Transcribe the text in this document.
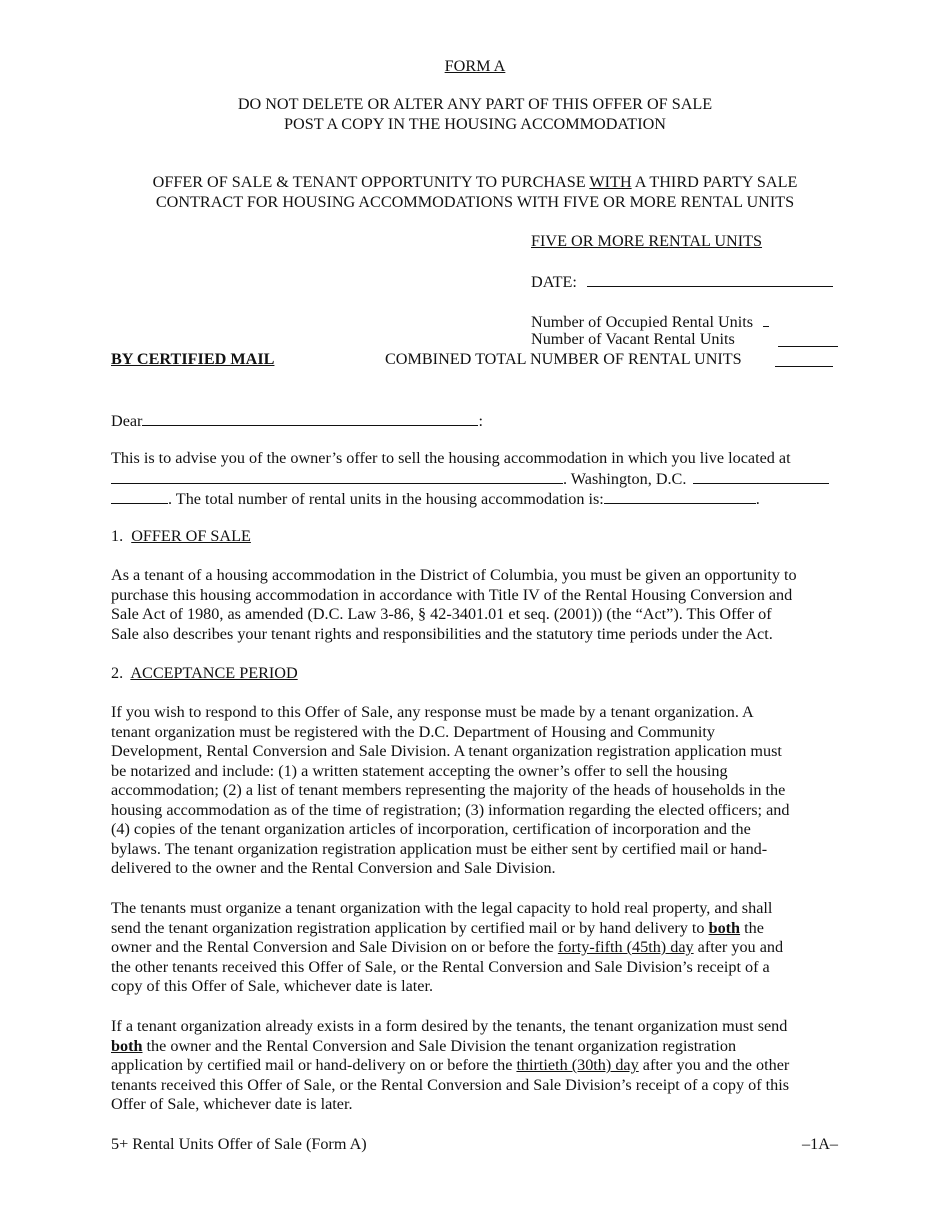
FORM A
DO NOT DELETE OR ALTER ANY PART OF THIS OFFER OF SALE
POST A COPY IN THE HOUSING ACCOMMODATION
OFFER OF SALE & TENANT OPPORTUNITY TO PURCHASE WITH A THIRD PARTY SALE
CONTRACT FOR HOUSING ACCOMMODATIONS WITH FIVE OR MORE RENTAL UNITS
FIVE OR MORE RENTAL UNITS
DATE:
Number of Occupied Rental Units
Number of Vacant Rental Units
BY CERTIFIED MAIL	COMBINED TOTAL NUMBER OF RENTAL UNITS
Dear	:
This is to advise you of the owner’s offer to sell the housing accommodation in which you live located at
. Washington, D.C.
. The total number of rental units in the housing accommodation is:	.
1. OFFER OF SALE
As a tenant of a housing accommodation in the District of Columbia, you must be given an opportunity to
purchase this housing accommodation in accordance with Title IV of the Rental Housing Conversion and
Sale Act of 1980, as amended (D.C. Law 3-86, § 42-3401.01 et seq. (2001)) (the “Act”). This Offer of
Sale also describes your tenant rights and responsibilities and the statutory time periods under the Act.
2. ACCEPTANCE PERIOD
If you wish to respond to this Offer of Sale, any response must be made by a tenant organization. A
tenant organization must be registered with the D.C. Department of Housing and Community
Development, Rental Conversion and Sale Division. A tenant organization registration application must
be notarized and include: (1) a written statement accepting the owner’s offer to sell the housing
accommodation; (2) a list of tenant members representing the majority of the heads of households in the
housing accommodation as of the time of registration; (3) information regarding the elected officers; and
(4) copies of the tenant organization articles of incorporation, certification of incorporation and the
bylaws. The tenant organization registration application must be either sent by certified mail or hand-
delivered to the owner and the Rental Conversion and Sale Division.
The tenants must organize a tenant organization with the legal capacity to hold real property, and shall
send the tenant organization registration application by certified mail or by hand delivery to both the
owner and the Rental Conversion and Sale Division on or before the forty-fifth (45th) day after you and
the other tenants received this Offer of Sale, or the Rental Conversion and Sale Division’s receipt of a
copy of this Offer of Sale, whichever date is later.
If a tenant organization already exists in a form desired by the tenants, the tenant organization must send
both the owner and the Rental Conversion and Sale Division the tenant organization registration
application by certified mail or hand-delivery on or before the thirtieth (30th) day after you and the other
tenants received this Offer of Sale, or the Rental Conversion and Sale Division’s receipt of a copy of this
Offer of Sale, whichever date is later.
5+ Rental Units Offer of Sale (Form A)	–1A–
